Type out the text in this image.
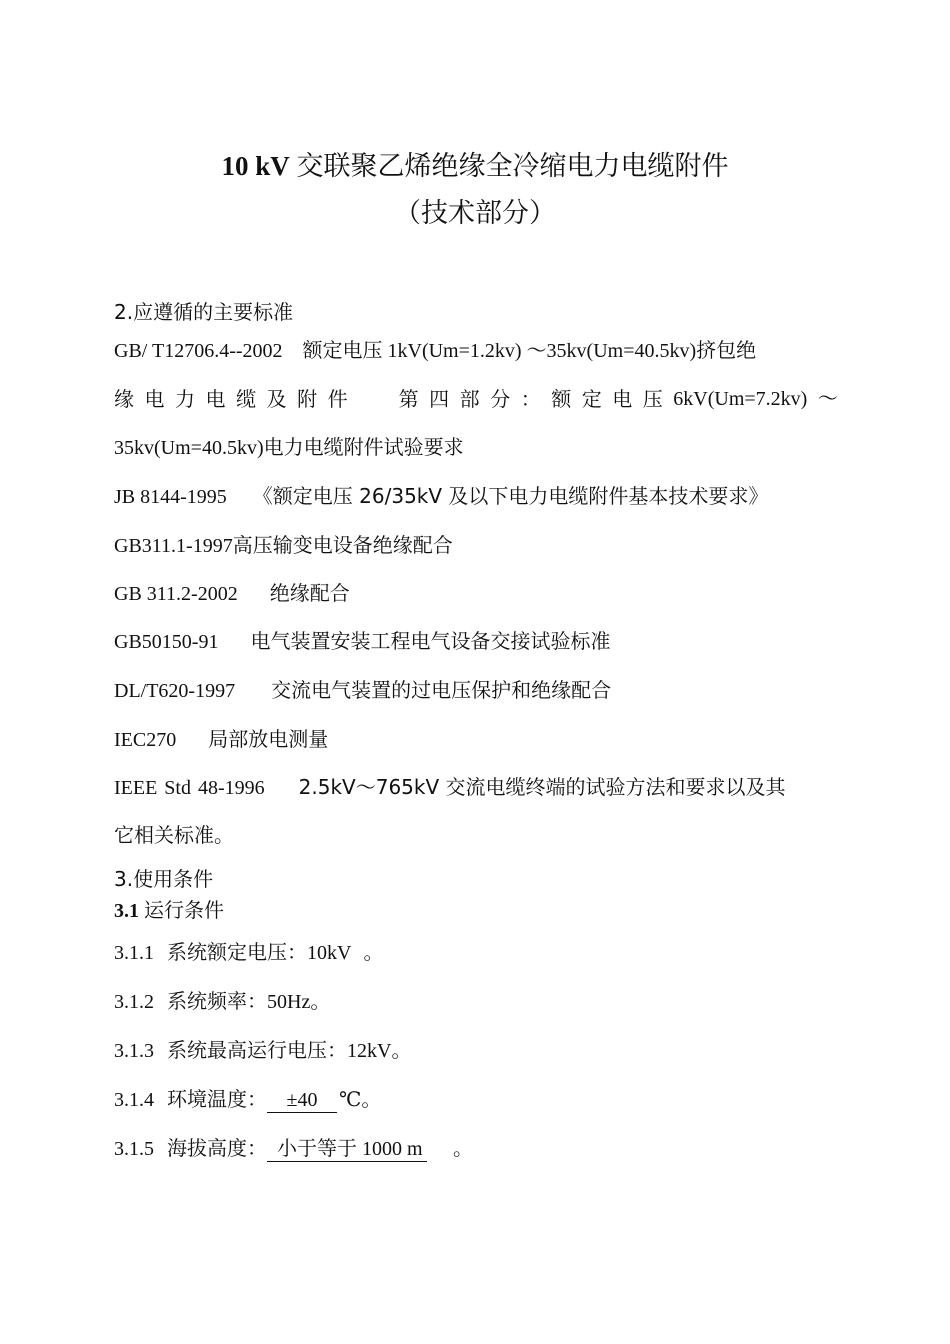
10 kV 交联聚乙烯绝缘全冷缩电力电缆附件
（技术部分）
2.应遵循的主要标准
GB/ T12706.4--2002　额定电压 1kV(Um=1.2kv) ～35kv(Um=40.5kv)挤包绝
缘 电 力 电 缆 及 附 件	第 四 部 分 ： 额 定 电 压 6kV(Um=7.2kv) ～
35kv(Um=40.5kv)电力电缆附件试验要求
JB 8144-1995 《额定电压 26/35kV 及以下电力电缆附件基本技术要求》
GB311.1-1997高压输变电设备绝缘配合
GB 311.2-2002 绝缘配合
GB50150-91 电气装置安装工程电气设备交接试验标准
DL/T620-1997 交流电气装置的过电压保护和绝缘配合
IEC270 局部放电测量
IEEE Std 48-1996 2.5kV～765kV 交流电缆终端的试验方法和要求以及其
它相关标准。
3.使用条件
3.1 运行条件
3.1.1 系统额定电压：10kV 。
3.1.2 系统频率：50Hz。
3.1.3 系统最高运行电压：12kV。
3.1.4 环境温度： ±40 ℃。
3.1.5 海拔高度： 小于等于 1000 m 。
